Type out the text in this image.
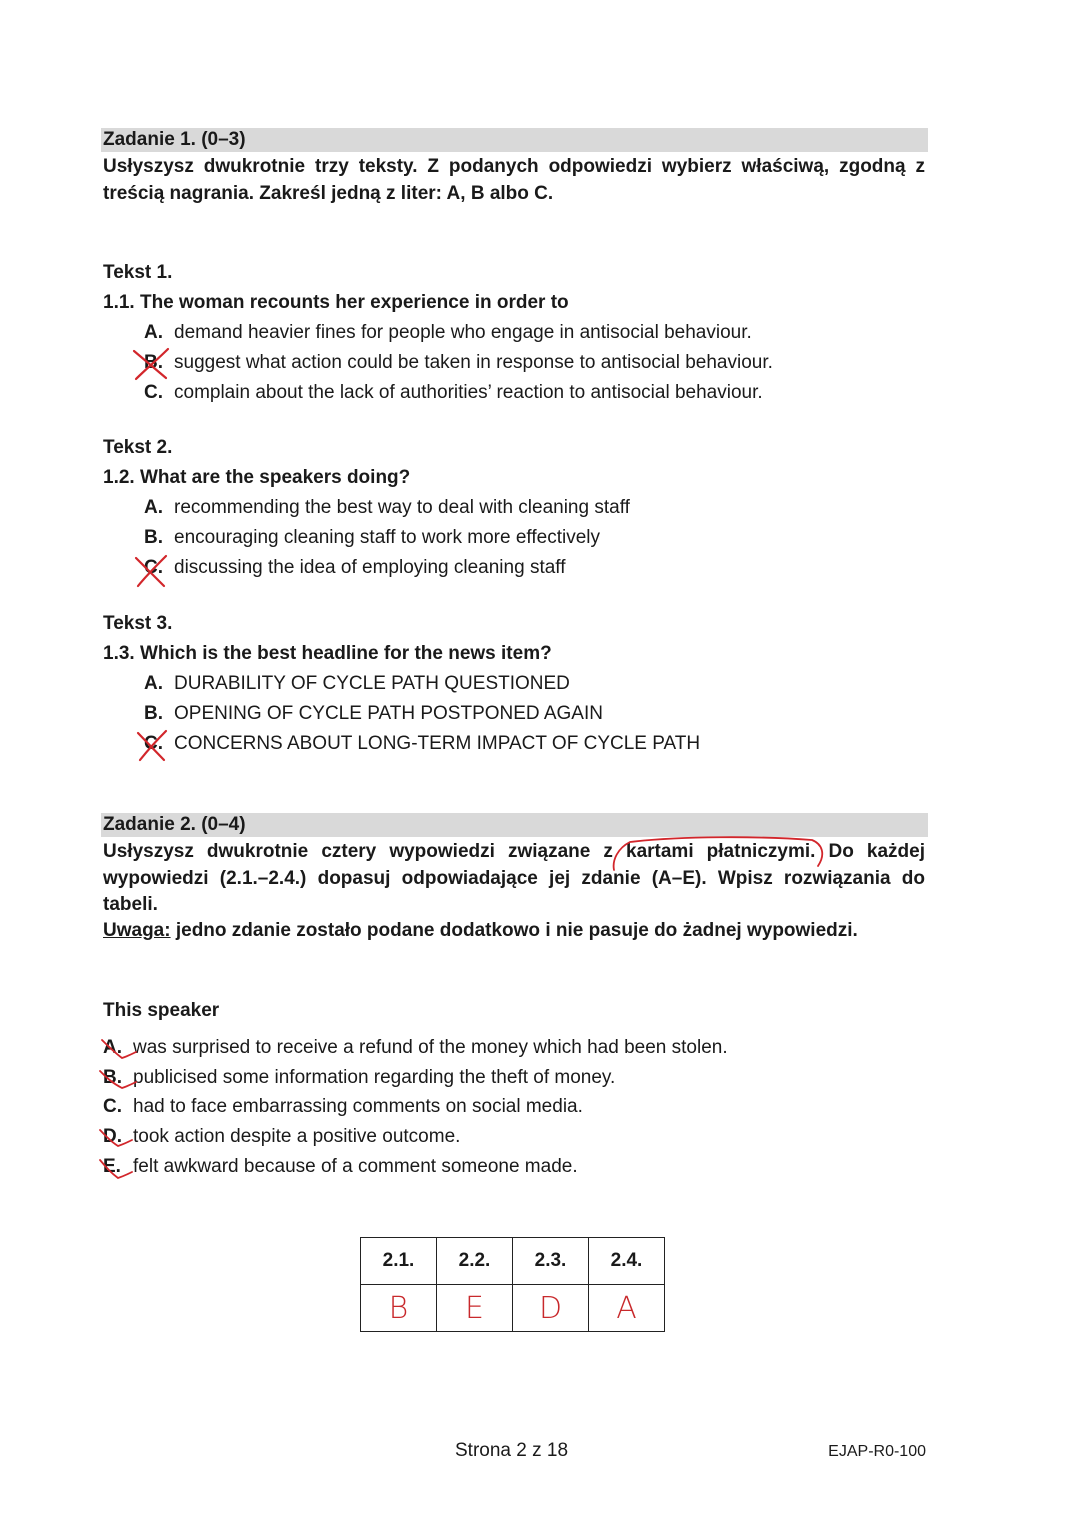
Zadanie 1. (0–3)
Usłyszysz dwukrotnie trzy teksty. Z podanych odpowiedzi wybierz właściwą, zgodną z treścią nagrania. Zakreśl jedną z liter: A, B albo C.
Tekst 1.
1.1. The woman recounts her experience in order to
A. demand heavier fines for people who engage in antisocial behaviour.
B. suggest what action could be taken in response to antisocial behaviour.
C. complain about the lack of authorities’ reaction to antisocial behaviour.
Tekst 2.
1.2. What are the speakers doing?
A. recommending the best way to deal with cleaning staff
B. encouraging cleaning staff to work more effectively
C. discussing the idea of employing cleaning staff
Tekst 3.
1.3. Which is the best headline for the news item?
A. DURABILITY OF CYCLE PATH QUESTIONED
B. OPENING OF CYCLE PATH POSTPONED AGAIN
C. CONCERNS ABOUT LONG-TERM IMPACT OF CYCLE PATH
Zadanie 2. (0–4)
Usłyszysz dwukrotnie cztery wypowiedzi związane z kartami płatniczymi. Do każdej wypowiedzi (2.1.–2.4.) dopasuj odpowiadające jej zdanie (A–E). Wpisz rozwiązania do tabeli.
Uwaga: jedno zdanie zostało podane dodatkowo i nie pasuje do żadnej wypowiedzi.
This speaker
A. was surprised to receive a refund of the money which had been stolen.
B. publicised some information regarding the theft of money.
C. had to face embarrassing comments on social media.
D. took action despite a positive outcome.
E. felt awkward because of a comment someone made.
2.1.	2.2.	2.3.	2.4.
B	E	D	A
Strona 2 z 18	EJAP-R0-100
